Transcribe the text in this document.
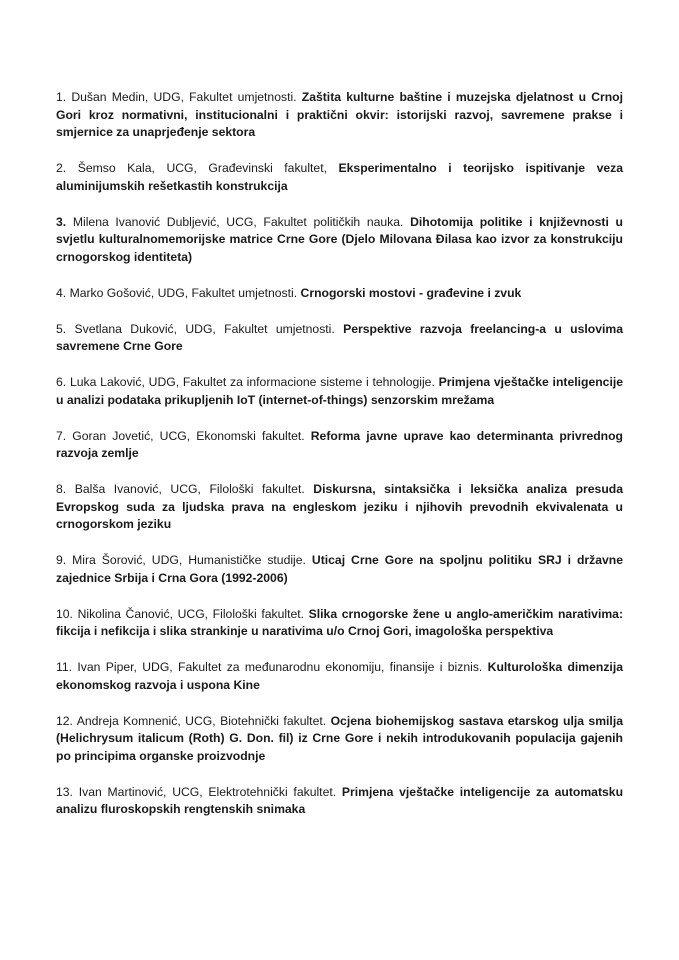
1. Dušan Medin, UDG, Fakultet umjetnosti. Zaštita kulturne baštine i muzejska djelatnost u Crnoj Gori kroz normativni, institucionalni i praktični okvir: istorijski razvoj, savremene prakse i smjernice za unaprjeđenje sektora

2. Šemso Kala, UCG, Građevinski fakultet, Eksperimentalno i teorijsko ispitivanje veza aluminijumskih rešetkastih konstrukcija

3. Milena Ivanović Dubljević, UCG, Fakultet političkih nauka. Dihotomija politike i književnosti u svjetlu kulturalnomemorijske matrice Crne Gore (Djelo Milovana Đilasa kao izvor za konstrukciju crnogorskog identiteta)

4. Marko Gošović, UDG, Fakultet umjetnosti. Crnogorski mostovi - građevine i zvuk

5. Svetlana Duković, UDG, Fakultet umjetnosti. Perspektive razvoja freelancing-a u uslovima savremene Crne Gore

6. Luka Laković, UDG, Fakultet za informacione sisteme i tehnologije. Primjena vještačke inteligencije u analizi podataka prikupljenih IoT (internet-of-things) senzorskim mrežama

7. Goran Jovetić, UCG, Ekonomski fakultet. Reforma javne uprave kao determinanta privrednog razvoja zemlje

8. Balša Ivanović, UCG, Filološki fakultet. Diskursna, sintaksička i leksička analiza presuda Evropskog suda za ljudska prava na engleskom jeziku i njihovih prevodnih ekvivalenata u crnogorskom jeziku

9. Mira Šorović, UDG, Humanističke studije. Uticaj Crne Gore na spoljnu politiku SRJ i državne zajednice Srbija i Crna Gora (1992-2006)

10. Nikolina Čanović, UCG, Filološki fakultet. Slika crnogorske žene u anglo-američkim narativima: fikcija i nefikcija i slika strankinje u narativima u/o Crnoj Gori, imagološka perspektiva

11. Ivan Piper, UDG, Fakultet za međunarodnu ekonomiju, finansije i biznis. Kulturološka dimenzija ekonomskog razvoja i uspona Kine

12. Andreja Komnenić, UCG, Biotehnički fakultet. Ocjena biohemijskog sastava etarskog ulja smilja (Helichrysum italicum (Roth) G. Don. fil) iz Crne Gore i nekih introdukovanih populacija gajenih po principima organske proizvodnje

13. Ivan Martinović, UCG, Elektrotehnički fakultet. Primjena vještačke inteligencije za automatsku analizu fluroskopskih rengtenskih snimaka
